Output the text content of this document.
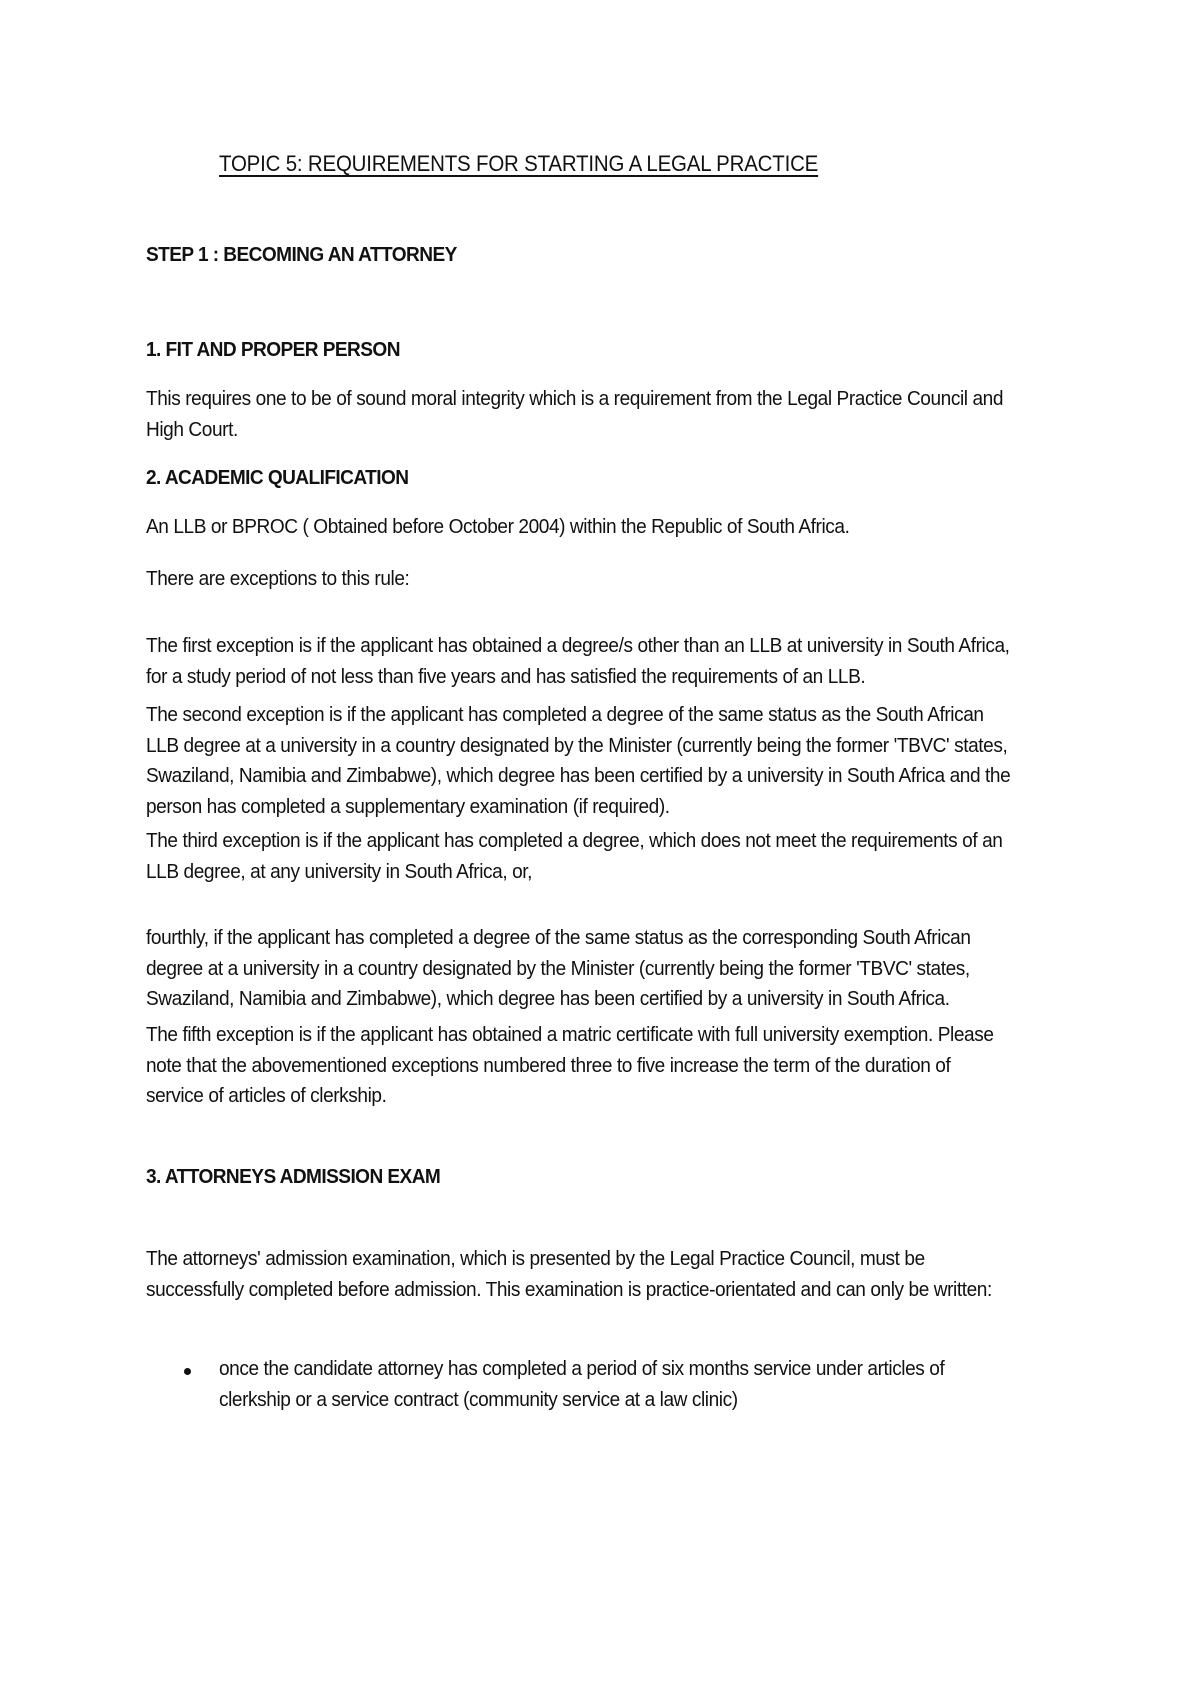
TOPIC 5: REQUIREMENTS FOR STARTING A LEGAL PRACTICE
STEP 1 : BECOMING AN ATTORNEY
1. FIT AND PROPER PERSON

This requires one to be of sound moral integrity which is a requirement from the Legal Practice Council and High Court.

2. ACADEMIC QUALIFICATION

An LLB or BPROC ( Obtained before October 2004) within the Republic of South Africa.

There are exceptions to this rule:

The first exception is if the applicant has obtained a degree/s other than an LLB at university in South Africa, for a study period of not less than five years and has satisfied the requirements of an LLB.

The second exception is if the applicant has completed a degree of the same status as the South African LLB degree at a university in a country designated by the Minister (currently being the former 'TBVC' states, Swaziland, Namibia and Zimbabwe), which degree has been certified by a university in South Africa and the person has completed a supplementary examination (if required).

The third exception is if the applicant has completed a degree, which does not meet the requirements of an LLB degree, at any university in South Africa, or,

fourthly, if the applicant has completed a degree of the same status as the corresponding South African degree at a university in a country designated by the Minister (currently being the former 'TBVC' states, Swaziland, Namibia and Zimbabwe), which degree has been certified by a university in South Africa.

The fifth exception is if the applicant has obtained a matric certificate with full university exemption. Please note that the abovementioned exceptions numbered three to five increase the term of the duration of service of articles of clerkship.

3. ATTORNEYS ADMISSION EXAM

The attorneys' admission examination, which is presented by the Legal Practice Council, must be successfully completed before admission. This examination is practice-orientated and can only be written:

once the candidate attorney has completed a period of six months service under articles of clerkship or a service contract (community service at a law clinic)
